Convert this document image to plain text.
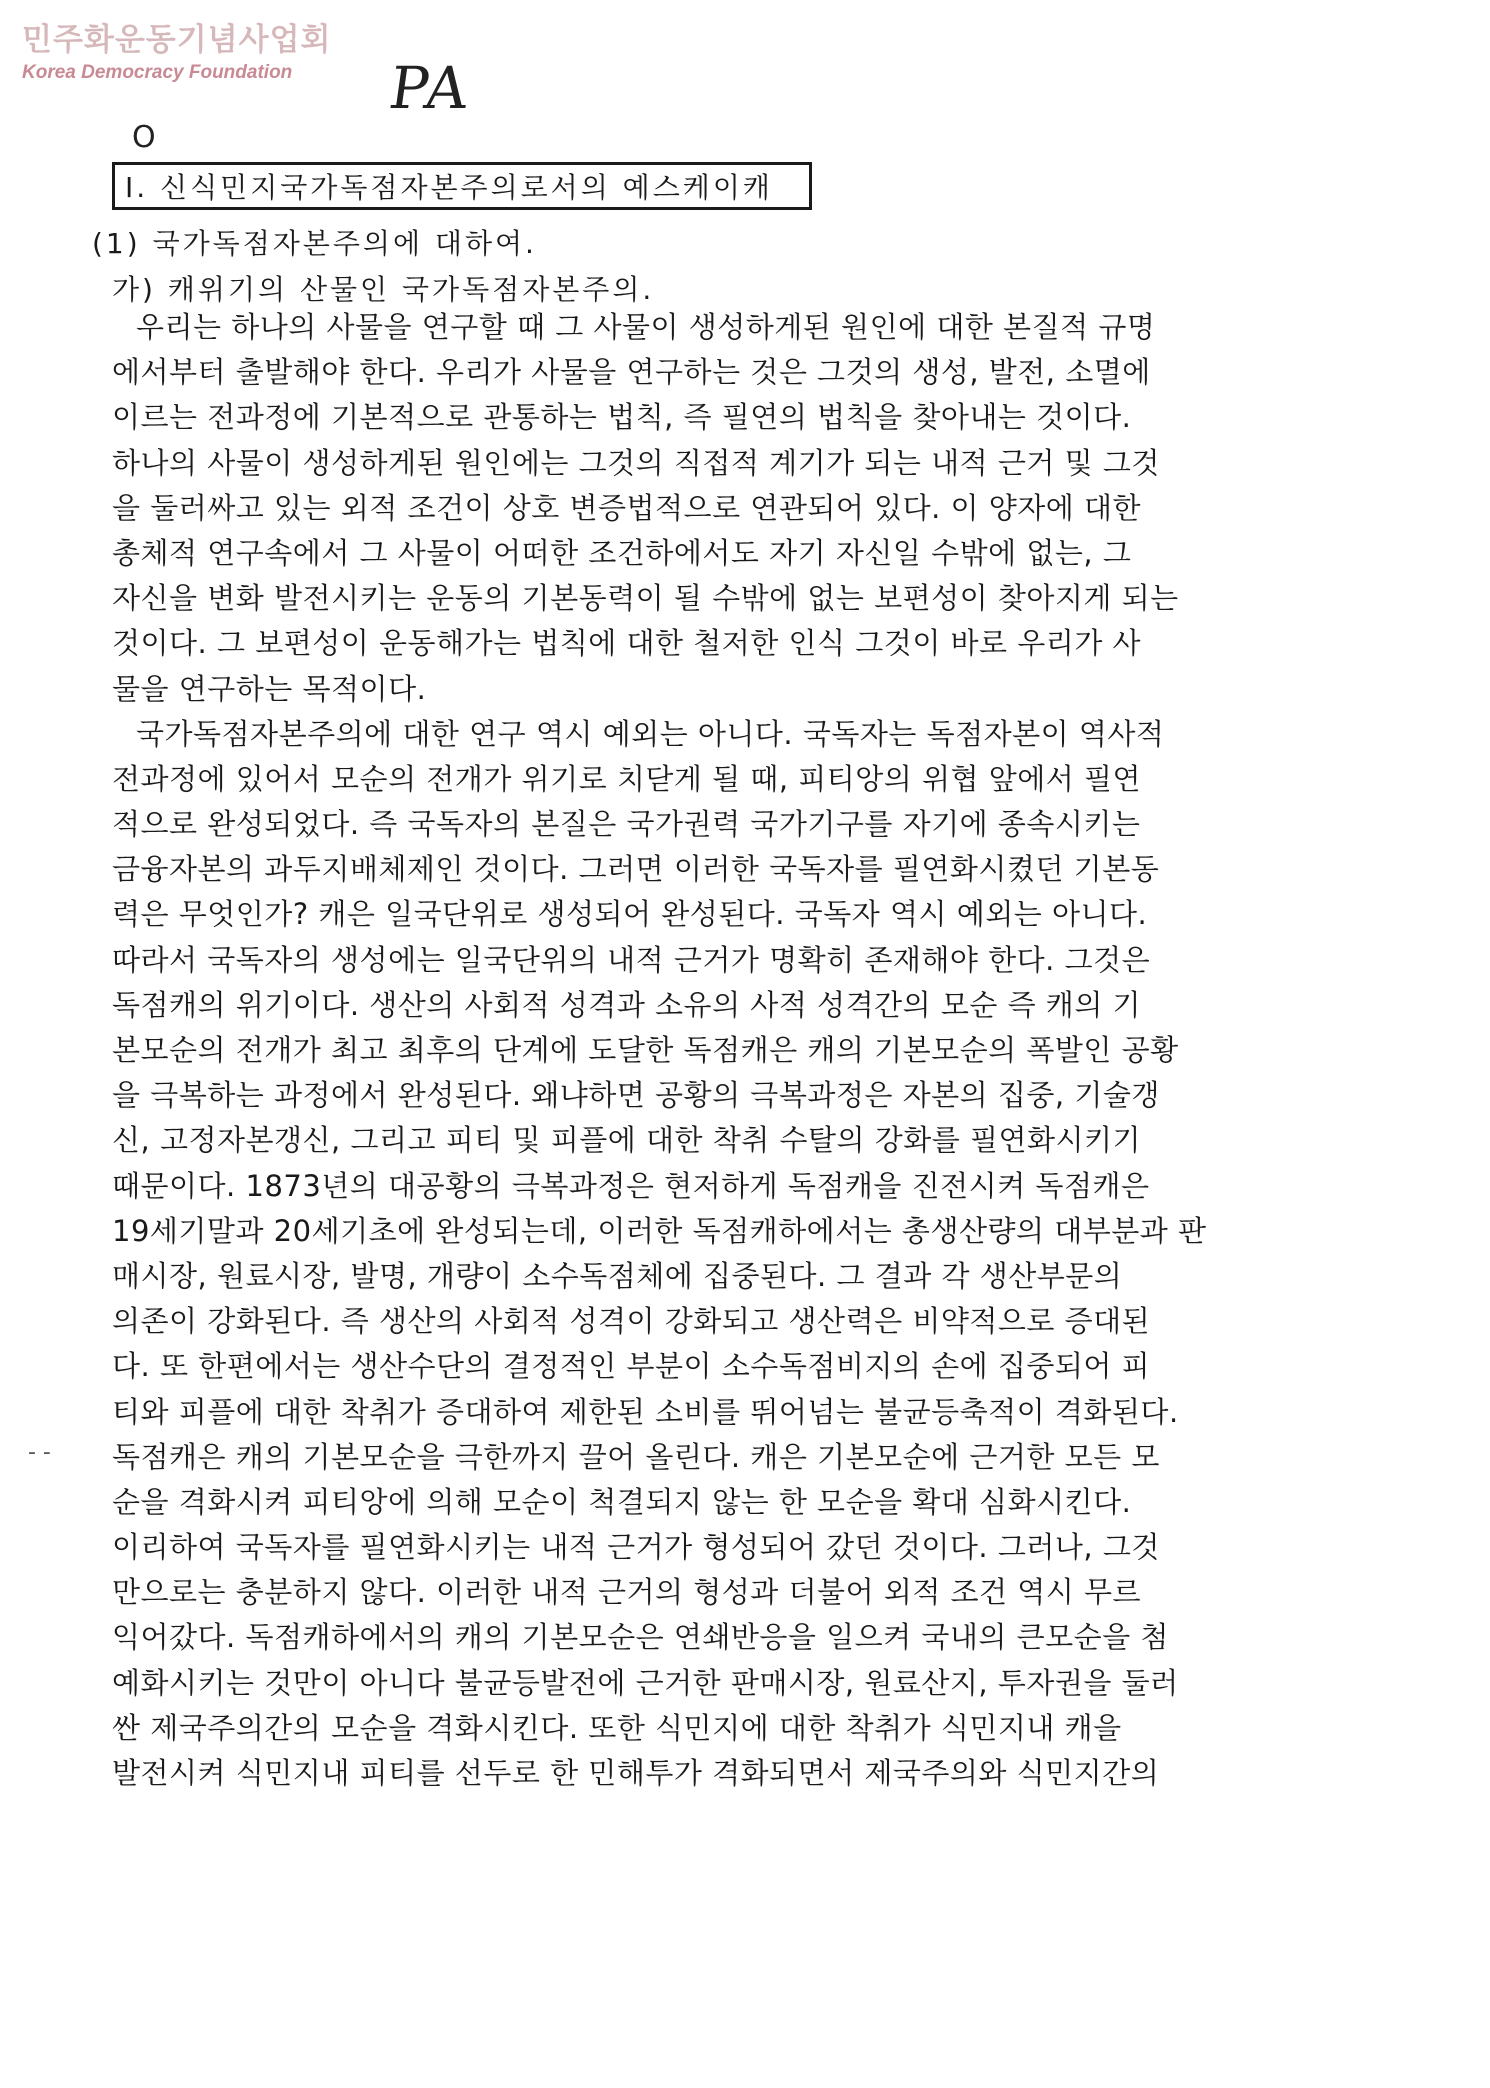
민주화운동기념사업회
Korea Democracy Foundation	PA
O
Ⅰ. 신식민지국가독점자본주의로서의 예스케이캐
(1) 국가독점자본주의에 대하여.
가) 캐위기의 산물인 국가독점자본주의.
우리는 하나의 사물을 연구할 때 그 사물이 생성하게된 원인에 대한 본질적 규명
에서부터 출발해야 한다. 우리가 사물을 연구하는 것은 그것의 생성, 발전, 소멸에
이르는 전과정에 기본적으로 관통하는 법칙, 즉 필연의 법칙을 찾아내는 것이다.
하나의 사물이 생성하게된 원인에는 그것의 직접적 계기가 되는 내적 근거 및 그것
을 둘러싸고 있는 외적 조건이 상호 변증법적으로 연관되어 있다. 이 양자에 대한
총체적 연구속에서 그 사물이 어떠한 조건하에서도 자기 자신일 수밖에 없는, 그
자신을 변화 발전시키는 운동의 기본동력이 될 수밖에 없는 보편성이 찾아지게 되는
것이다. 그 보편성이 운동해가는 법칙에 대한 철저한 인식 그것이 바로 우리가 사
물을 연구하는 목적이다.
국가독점자본주의에 대한 연구 역시 예외는 아니다. 국독자는 독점자본이 역사적
전과정에 있어서 모순의 전개가 위기로 치닫게 될 때, 피티앙의 위협 앞에서 필연
적으로 완성되었다. 즉 국독자의 본질은 국가권력 국가기구를 자기에 종속시키는
금융자본의 과두지배체제인 것이다. 그러면 이러한 국독자를 필연화시켰던 기본동
력은 무엇인가? 캐은 일국단위로 생성되어 완성된다. 국독자 역시 예외는 아니다.
따라서 국독자의 생성에는 일국단위의 내적 근거가 명확히 존재해야 한다. 그것은
독점캐의 위기이다. 생산의 사회적 성격과 소유의 사적 성격간의 모순 즉 캐의 기
본모순의 전개가 최고 최후의 단계에 도달한 독점캐은 캐의 기본모순의 폭발인 공황
을 극복하는 과정에서 완성된다. 왜냐하면 공황의 극복과정은 자본의 집중, 기술갱
신, 고정자본갱신, 그리고 피티 및 피플에 대한 착취 수탈의 강화를 필연화시키기
때문이다. 1873년의 대공황의 극복과정은 현저하게 독점캐을 진전시켜 독점캐은
19세기말과 20세기초에 완성되는데, 이러한 독점캐하에서는 총생산량의 대부분과 판
매시장, 원료시장, 발명, 개량이 소수독점체에 집중된다. 그 결과 각 생산부문의
의존이 강화된다. 즉 생산의 사회적 성격이 강화되고 생산력은 비약적으로 증대된
다. 또 한편에서는 생산수단의 결정적인 부분이 소수독점비지의 손에 집중되어 피
티와 피플에 대한 착취가 증대하여 제한된 소비를 뛰어넘는 불균등축적이 격화된다.
독점캐은 캐의 기본모순을 극한까지 끌어 올린다. 캐은 기본모순에 근거한 모든 모
순을 격화시켜 피티앙에 의해 모순이 척결되지 않는 한 모순을 확대 심화시킨다.
이리하여 국독자를 필연화시키는 내적 근거가 형성되어 갔던 것이다. 그러나, 그것
만으로는 충분하지 않다. 이러한 내적 근거의 형성과 더불어 외적 조건 역시 무르
익어갔다. 독점캐하에서의 캐의 기본모순은 연쇄반응을 일으켜 국내의 큰모순을 첨
예화시키는 것만이 아니다 불균등발전에 근거한 판매시장, 원료산지, 투자권을 둘러
싼 제국주의간의 모순을 격화시킨다. 또한 식민지에 대한 착취가 식민지내 캐을
발전시켜 식민지내 피티를 선두로 한 민해투가 격화되면서 제국주의와 식민지간의
- -
